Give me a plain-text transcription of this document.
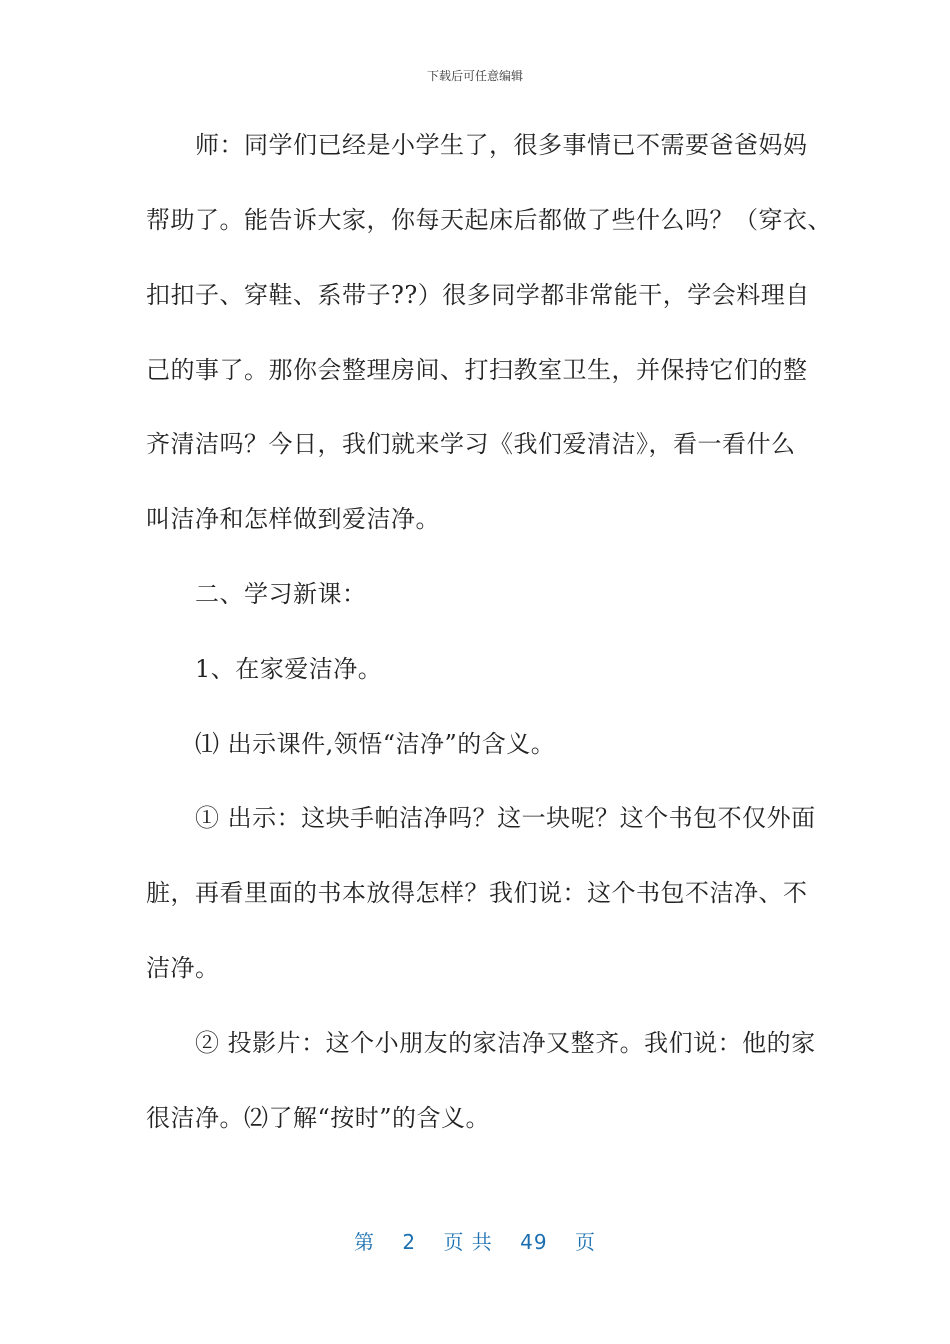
下载后可任意编辑
　　师：同学们已经是小学生了，很多事情已不需要爸爸妈妈
帮助了。能告诉大家，你每天起床后都做了些什么吗？（穿衣、
扣扣子、穿鞋、系带子??）很多同学都非常能干，学会料理自
己的事了。那你会整理房间、打扫教室卫生，并保持它们的整
齐清洁吗？今日，我们就来学习《我们爱清洁》，看一看什么
叫洁净和怎样做到爱洁净。
　　二、学习新课：
　　1、在家爱洁净。
　　⑴ 出示课件,领悟“洁净”的含义。
　　① 出示：这块手帕洁净吗？这一块呢？这个书包不仅外面
脏，再看里面的书本放得怎样？我们说：这个书包不洁净、不
洁净。
　　② 投影片：这个小朋友的家洁净又整齐。我们说：他的家
很洁净。⑵了解“按时”的含义。
第 2 页 共 49 页
